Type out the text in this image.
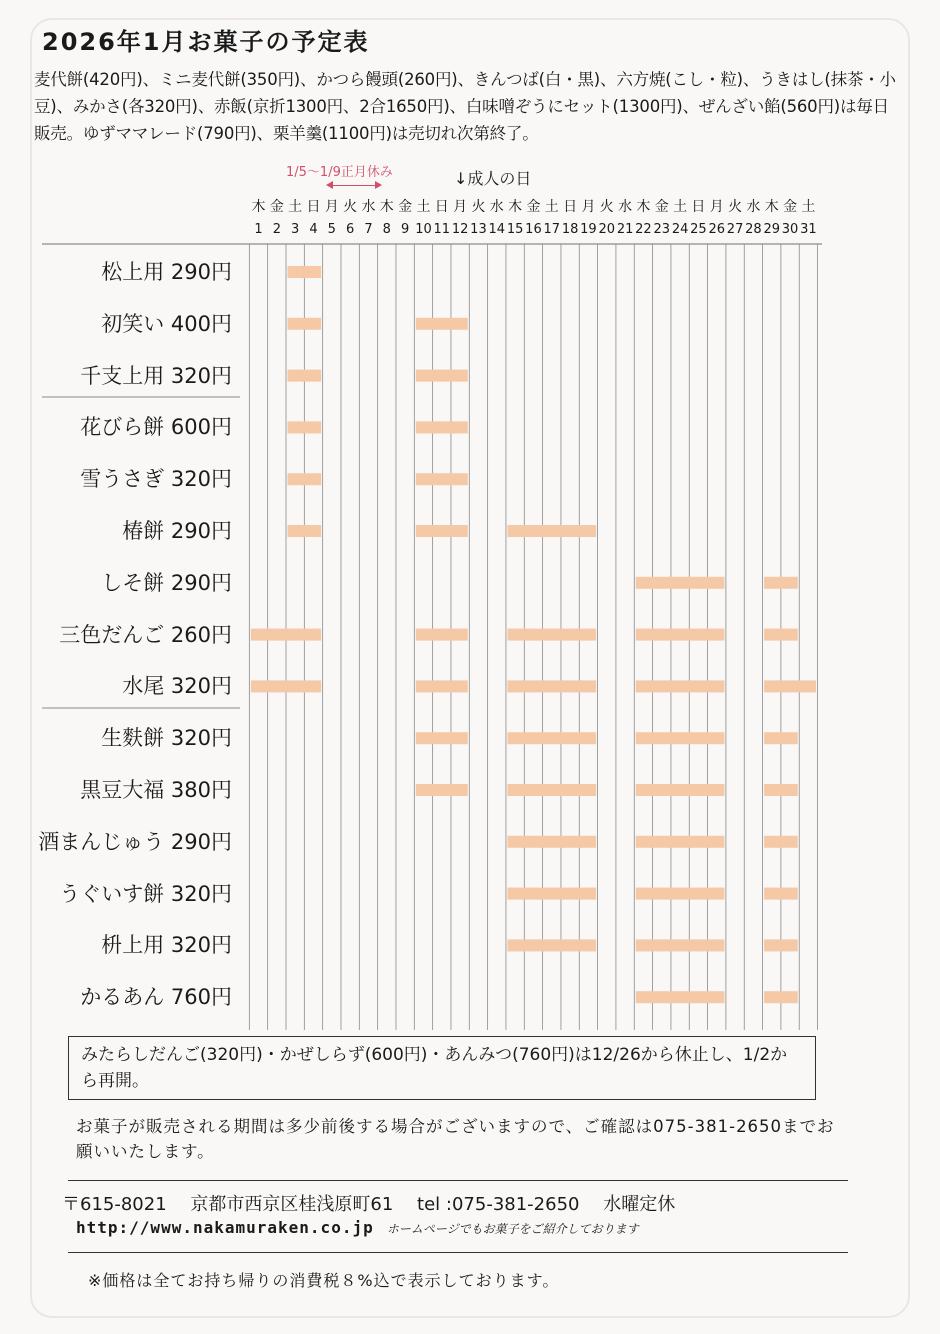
2026年1月お菓子の予定表

麦代餅(420円)、ミニ麦代餅(350円)、かつら饅頭(260円)、きんつば(白・黒)、六方焼(こし・粒)、うきはし(抹茶・小豆)、みかさ(各320円)、赤飯(京折1300円、2合1650円)、白味噌ぞうにセット(1300円)、ぜんざい餡(560円)は毎日販売。ゆずママレード(790円)、栗羊羹(1100円)は売切れ次第終了。

1/5〜1/9正月休み	↓成人の日
木 金 土 日 月 火 水 木 金 土 日 月 火 水 木 金 土 日 月 火 水 木 金 土 日 月 火 水 木 金 土
1 2 3 4 5 6 7 8 9 10 11 12 13 14 15 16 17 18 19 20 21 22 23 24 25 26 27 28 29 30 31
松上用 290円
初笑い 400円
千支上用 320円
花びら餅 600円
雪うさぎ 320円
椿餅 290円
しそ餅 290円
三色だんご 260円
水尾 320円
生麩餅 320円
黒豆大福 380円
酒まんじゅう 290円
うぐいす餅 320円
枡上用 320円
かるあん 760円
みたらしだんご(320円)・かぜしらず(600円)・あんみつ(760円)は12/26から休止し、1/2から再開。

お菓子が販売される期間は多少前後する場合がございますので、ご確認は075-381-2650までお願いいたします。

〒615-8021 京都市西京区桂浅原町61 tel :075-381-2650 水曜定休
http://www.nakamuraken.co.jp ホームページでもお菓子をご紹介しております
※価格は全てお持ち帰りの消費税８%込で表示しております。
